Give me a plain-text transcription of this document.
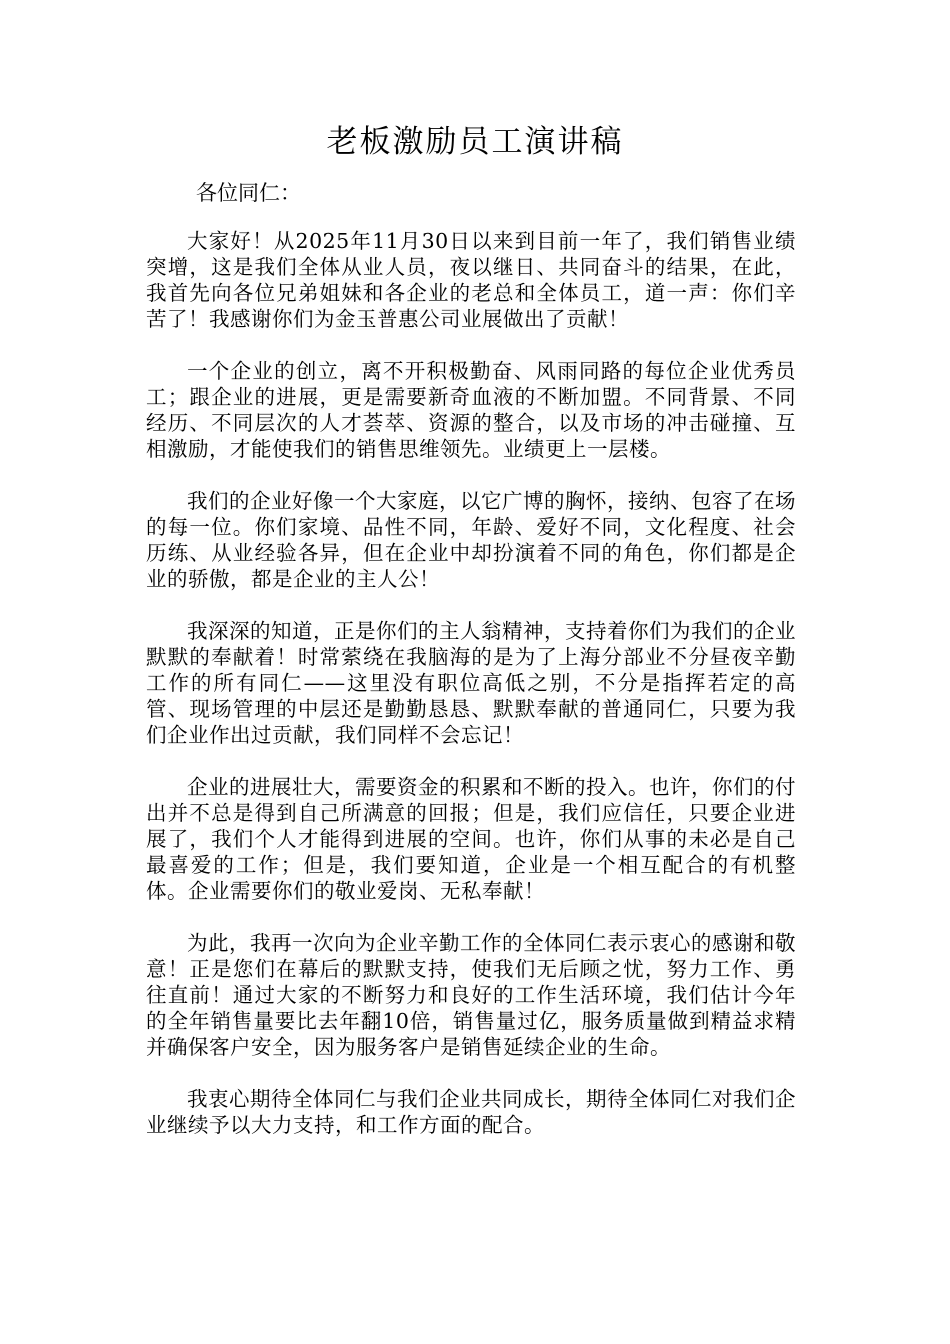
老板激励员工演讲稿

各位同仁：

大家好！从2025年11月30日以来到目前一年了，我们销售业绩突增，这是我们全体从业人员，夜以继日、共同奋斗的结果，在此，我首先向各位兄弟姐妹和各企业的老总和全体员工，道一声：你们辛苦了！我感谢你们为金玉普惠公司业展做出了贡献！

一个企业的创立，离不开积极勤奋、风雨同路的每位企业优秀员工；跟企业的进展，更是需要新奇血液的不断加盟。不同背景、不同经历、不同层次的人才荟萃、资源的整合，以及市场的冲击碰撞、互相激励，才能使我们的销售思维领先。业绩更上一层楼。

我们的企业好像一个大家庭，以它广博的胸怀，接纳、包容了在场的每一位。你们家境、品性不同，年龄、爱好不同，文化程度、社会历练、从业经验各异，但在企业中却扮演着不同的角色，你们都是企业的骄傲，都是企业的主人公！

我深深的知道，正是你们的主人翁精神，支持着你们为我们的企业默默的奉献着！时常萦绕在我脑海的是为了上海分部业不分昼夜辛勤工作的所有同仁——这里没有职位高低之别，不分是指挥若定的高管、现场管理的中层还是勤勤恳恳、默默奉献的普通同仁，只要为我们企业作出过贡献，我们同样不会忘记！

企业的进展壮大，需要资金的积累和不断的投入。也许，你们的付出并不总是得到自己所满意的回报；但是，我们应信任，只要企业进展了，我们个人才能得到进展的空间。也许，你们从事的未必是自己最喜爱的工作；但是，我们要知道，企业是一个相互配合的有机整体。企业需要你们的敬业爱岗、无私奉献！

为此，我再一次向为企业辛勤工作的全体同仁表示衷心的感谢和敬意！正是您们在幕后的默默支持，使我们无后顾之忧，努力工作、勇往直前！通过大家的不断努力和良好的工作生活环境，我们估计今年的全年销售量要比去年翻10倍，销售量过亿，服务质量做到精益求精并确保客户安全，因为服务客户是销售延续企业的生命。

我衷心期待全体同仁与我们企业共同成长，期待全体同仁对我们企业继续予以大力支持，和工作方面的配合。
